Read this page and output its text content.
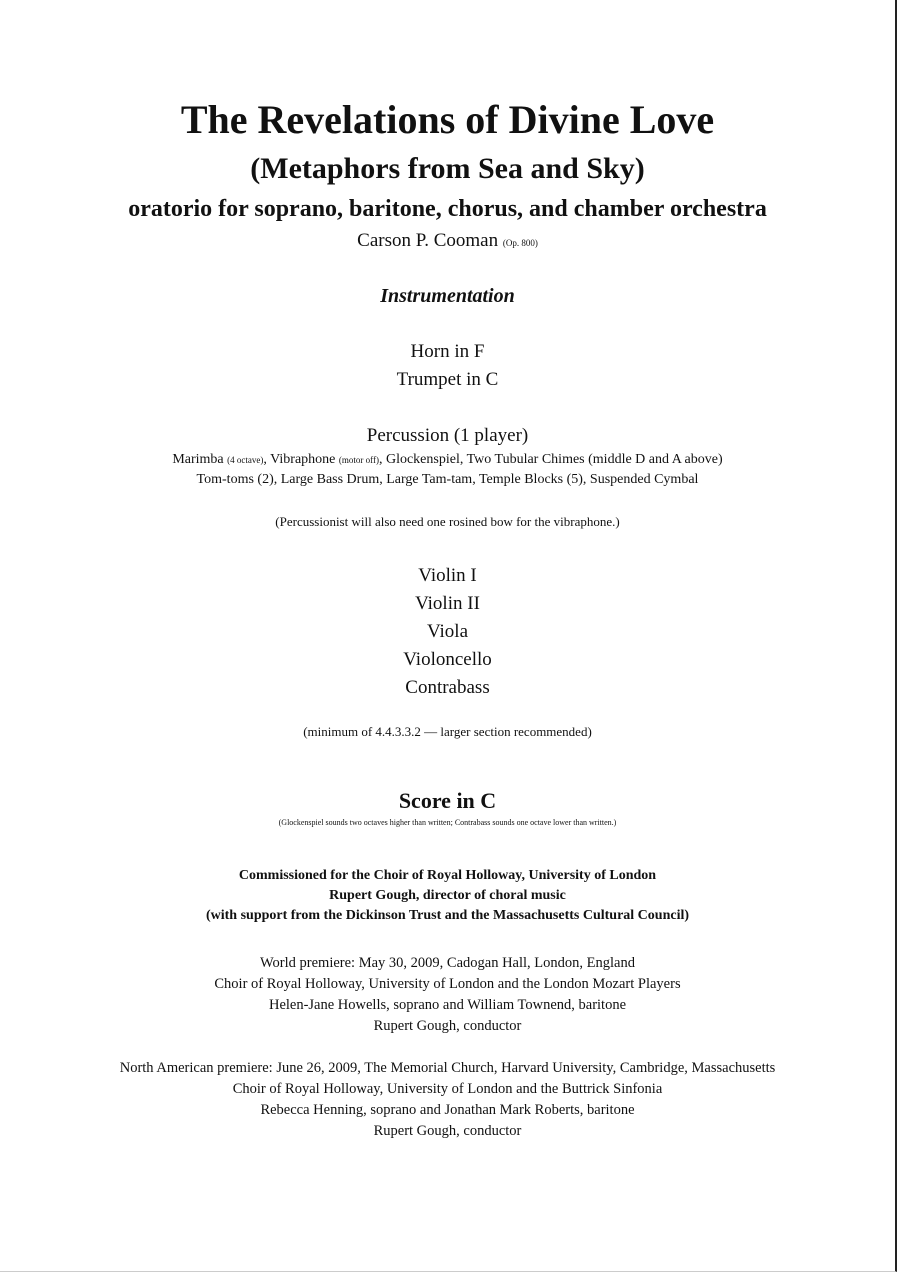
The Revelations of Divine Love
(Metaphors from Sea and Sky)
oratorio for soprano, baritone, chorus, and chamber orchestra
Carson P. Cooman (Op. 800)
Instrumentation
Horn in F
Trumpet in C
Percussion (1 player)
Marimba (4 octave), Vibraphone (motor off), Glockenspiel, Two Tubular Chimes (middle D and A above)
Tom-toms (2), Large Bass Drum, Large Tam-tam, Temple Blocks (5), Suspended Cymbal
(Percussionist will also need one rosined bow for the vibraphone.)
Violin I
Violin II
Viola
Violoncello
Contrabass
(minimum of 4.4.3.3.2 — larger section recommended)
Score in C
(Glockenspiel sounds two octaves higher than written; Contrabass sounds one octave lower than written.)
Commissioned for the Choir of Royal Holloway, University of London
Rupert Gough, director of choral music
(with support from the Dickinson Trust and the Massachusetts Cultural Council)
World premiere: May 30, 2009, Cadogan Hall, London, England
Choir of Royal Holloway, University of London and the London Mozart Players
Helen-Jane Howells, soprano and William Townend, baritone
Rupert Gough, conductor
North American premiere: June 26, 2009, The Memorial Church, Harvard University, Cambridge, Massachusetts
Choir of Royal Holloway, University of London and the Buttrick Sinfonia
Rebecca Henning, soprano and Jonathan Mark Roberts, baritone
Rupert Gough, conductor
